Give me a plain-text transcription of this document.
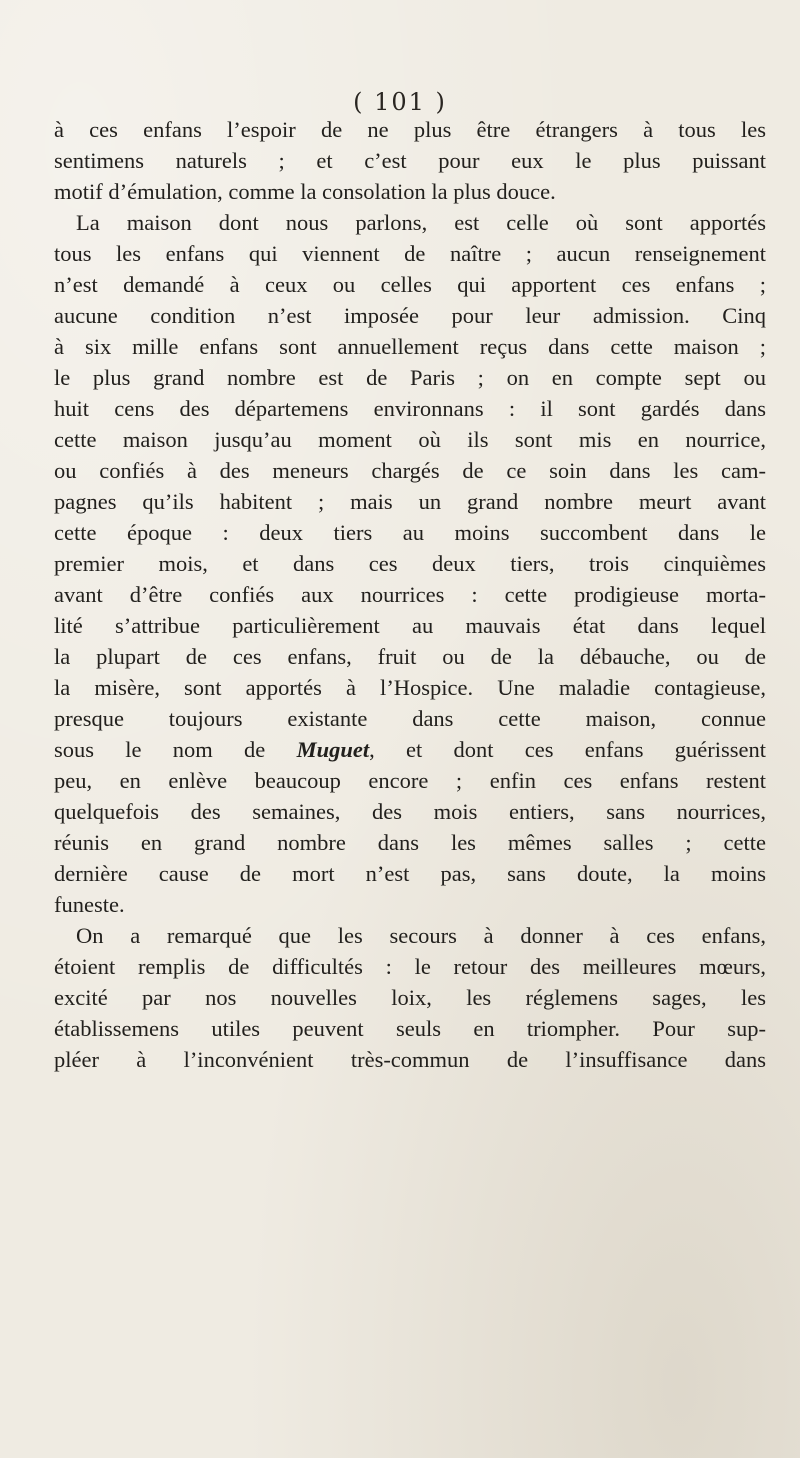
( 101 )
à ces enfans l’espoir de ne plus être étrangers à tous les
sentimens naturels ; et c’est pour eux le plus puissant
motif d’émulation, comme la consolation la plus douce.
La maison dont nous parlons, est celle où sont apportés
tous les enfans qui viennent de naître ; aucun renseignement
n’est demandé à ceux ou celles qui apportent ces enfans ;
aucune condition n’est imposée pour leur admission. Cinq
à six mille enfans sont annuellement reçus dans cette maison ;
le plus grand nombre est de Paris ; on en compte sept ou
huit cens des départemens environnans : il sont gardés dans
cette maison jusqu’au moment où ils sont mis en nourrice,
ou confiés à des meneurs chargés de ce soin dans les cam-
pagnes qu’ils habitent ; mais un grand nombre meurt avant
cette époque : deux tiers au moins succombent dans le
premier mois, et dans ces deux tiers, trois cinquièmes
avant d’être confiés aux nourrices : cette prodigieuse morta-
lité s’attribue particulièrement au mauvais état dans lequel
la plupart de ces enfans, fruit ou de la débauche, ou de
la misère, sont apportés à l’Hospice. Une maladie contagieuse,
presque toujours existante dans cette maison, connue
sous le nom de Muguet, et dont ces enfans guérissent
peu, en enlève beaucoup encore ; enfin ces enfans restent
quelquefois des semaines, des mois entiers, sans nourrices,
réunis en grand nombre dans les mêmes salles ; cette
dernière cause de mort n’est pas, sans doute, la moins
funeste.
On a remarqué que les secours à donner à ces enfans,
étoient remplis de difficultés : le retour des meilleures mœurs,
excité par nos nouvelles loix, les réglemens sages, les
établissemens utiles peuvent seuls en triompher. Pour sup-
pléer à l’inconvénient très-commun de l’insuffisance dans
